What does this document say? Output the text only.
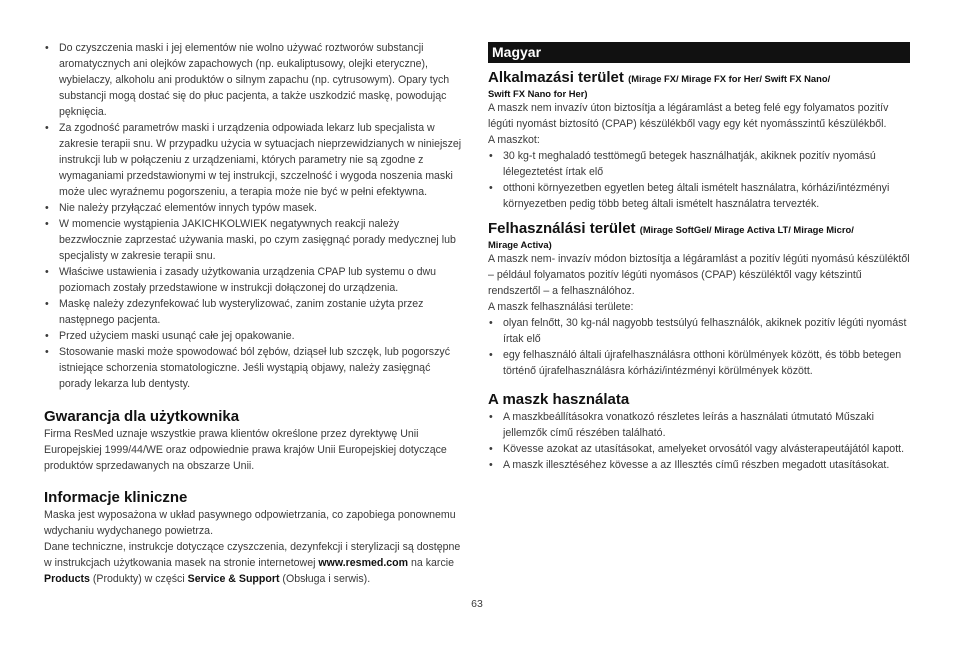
• Do czyszczenia maski i jej elementów nie wolno używać roztworów substancji aromatycznych ani olejków zapachowych (np. eukaliptusowy, olejki eteryczne), wybielaczy, alkoholu ani produktów o silnym zapachu (np. cytrusowym). Opary tych substancji mogą dostać się do płuc pacjenta, a także uszkodzić maskę, powodując pęknięcia.
• Za zgodność parametrów maski i urządzenia odpowiada lekarz lub specjalista w zakresie terapii snu. W przypadku użycia w sytuacjach nieprzewidzianych w niniejszej instrukcji lub w połączeniu z urządzeniami, których parametry nie są zgodne z wymaganiami przedstawionymi w tej instrukcji, szczelność i wygoda noszenia maski może ulec wyraźnemu pogorszeniu, a terapia może nie być w pełni efektywna.
• Nie należy przyłączać elementów innych typów masek.
• W momencie wystąpienia JAKICHKOLWIEK negatywnych reakcji należy bezzwłocznie zaprzestać używania maski, po czym zasięgnąć porady medycznej lub specjalisty w zakresie terapii snu.
• Właściwe ustawienia i zasady użytkowania urządzenia CPAP lub systemu o dwu poziomach zostały przedstawione w instrukcji dołączonej do urządzenia.
• Maskę należy zdezynfekować lub wysterylizować, zanim zostanie użyta przez następnego pacjenta.
• Przed użyciem maski usunąć całe jej opakowanie.
• Stosowanie maski może spowodować ból zębów, dziąseł lub szczęk, lub pogorszyć istniejące schorzenia stomatologiczne. Jeśli wystąpią objawy, należy zasięgnąć porady lekarza lub dentysty.
Gwarancja dla użytkownika

Firma ResMed uznaje wszystkie prawa klientów określone przez dyrektywę Unii Europejskiej 1999/44/WE oraz odpowiednie prawa krajów Unii Europejskiej dotyczące produktów sprzedawanych na obszarze Unii.

Informacje kliniczne

Maska jest wyposażona w układ pasywnego odpowietrzania, co zapobiega ponownemu wdychaniu wydychanego powietrza.

Dane techniczne, instrukcje dotyczące czyszczenia, dezynfekcji i sterylizacji są dostępne w instrukcjach użytkowania masek na stronie internetowej www.resmed.com na karcie Products (Produkty) w części Service & Support (Obsługa i serwis).

Magyar
Alkalmazási terület (Mirage FX/ Mirage FX for Her/ Swift FX Nano/
Swift FX Nano for Her)

A maszk nem invazív úton biztosítja a légáramlást a beteg felé egy folyamatos pozitív légúti nyomást biztosító (CPAP) készülékből vagy egy két nyomásszintű készülékből.

A maszkot:

• 30 kg-t meghaladó testtömegű betegek használhatják, akiknek pozitív nyomású lélegeztetést írtak elő
• otthoni környezetben egyetlen beteg általi ismételt használatra, kórházi/intézményi környezetben pedig több beteg általi ismételt használatra tervezték.
Felhasználási terület (Mirage SoftGel/ Mirage Activa LT/ Mirage Micro/
Mirage Activa)

A maszk nem- invazív módon biztosítja a légáramlást a pozitív légúti nyomású készüléktől – például folyamatos pozitív légúti nyomásos (CPAP) készüléktől vagy kétszintű rendszertől – a felhasználóhoz.

A maszk felhasználási területe:

• olyan felnőtt, 30 kg-nál nagyobb testsúlyú felhasználók, akiknek pozitív légúti nyomást írtak elő
• egy felhasználó általi újrafelhasználásra otthoni körülmények között, és több betegen történő újrafelhasználásra kórházi/intézményi körülmények között.
A maszk használata
• A maszkbeállításokra vonatkozó részletes leírás a használati útmutató Műszaki jellemzők című részében található.
• Kövesse azokat az utasításokat, amelyeket orvosától vagy alvásterapeutájától kapott.
• A maszk illesztéséhez kövesse a az Illesztés című részben megadott utasításokat.
63
